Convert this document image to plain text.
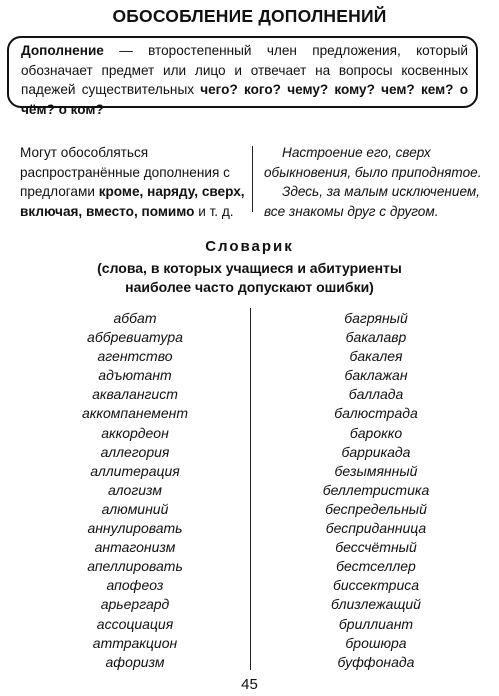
ОБОСОБЛЕНИЕ ДОПОЛНЕНИЙ
Дополнение — второстепенный член предложения, который обозначает предмет или лицо и отвечает на вопросы косвенных падежей существительных чего? кого? чему? кому? чем? кем? о чём? о ком?
Могут обособляться распространённые дополнения с предлогами кроме, наряду, сверх, включая, вместо, помимо и т. д.

Настроение его, сверх обыкновения, было приподнятое.

Здесь, за малым исключением, все знакомы друг с другом.

Словарик
(слова, в которых учащиеся и абитуриенты
наиболее часто допускают ошибки)
аббат
аббревиатура
агентство
адъютант
аквалангист
аккомпанемент
аккордеон
аллегория
аллитерация
алогизм
алюминий
аннулировать
антагонизм
апеллировать
апофеоз
арьергард
ассоциация
аттракцион
афоризм
багряный
бакалавр
бакалея
баклажан
баллада
балюстрада
барокко
баррикада
безымянный
беллетристика
беспредельный
бесприданница
бессчётный
бестселлер
биссектриса
близлежащий
бриллиант
брошюра
буффонада
45
